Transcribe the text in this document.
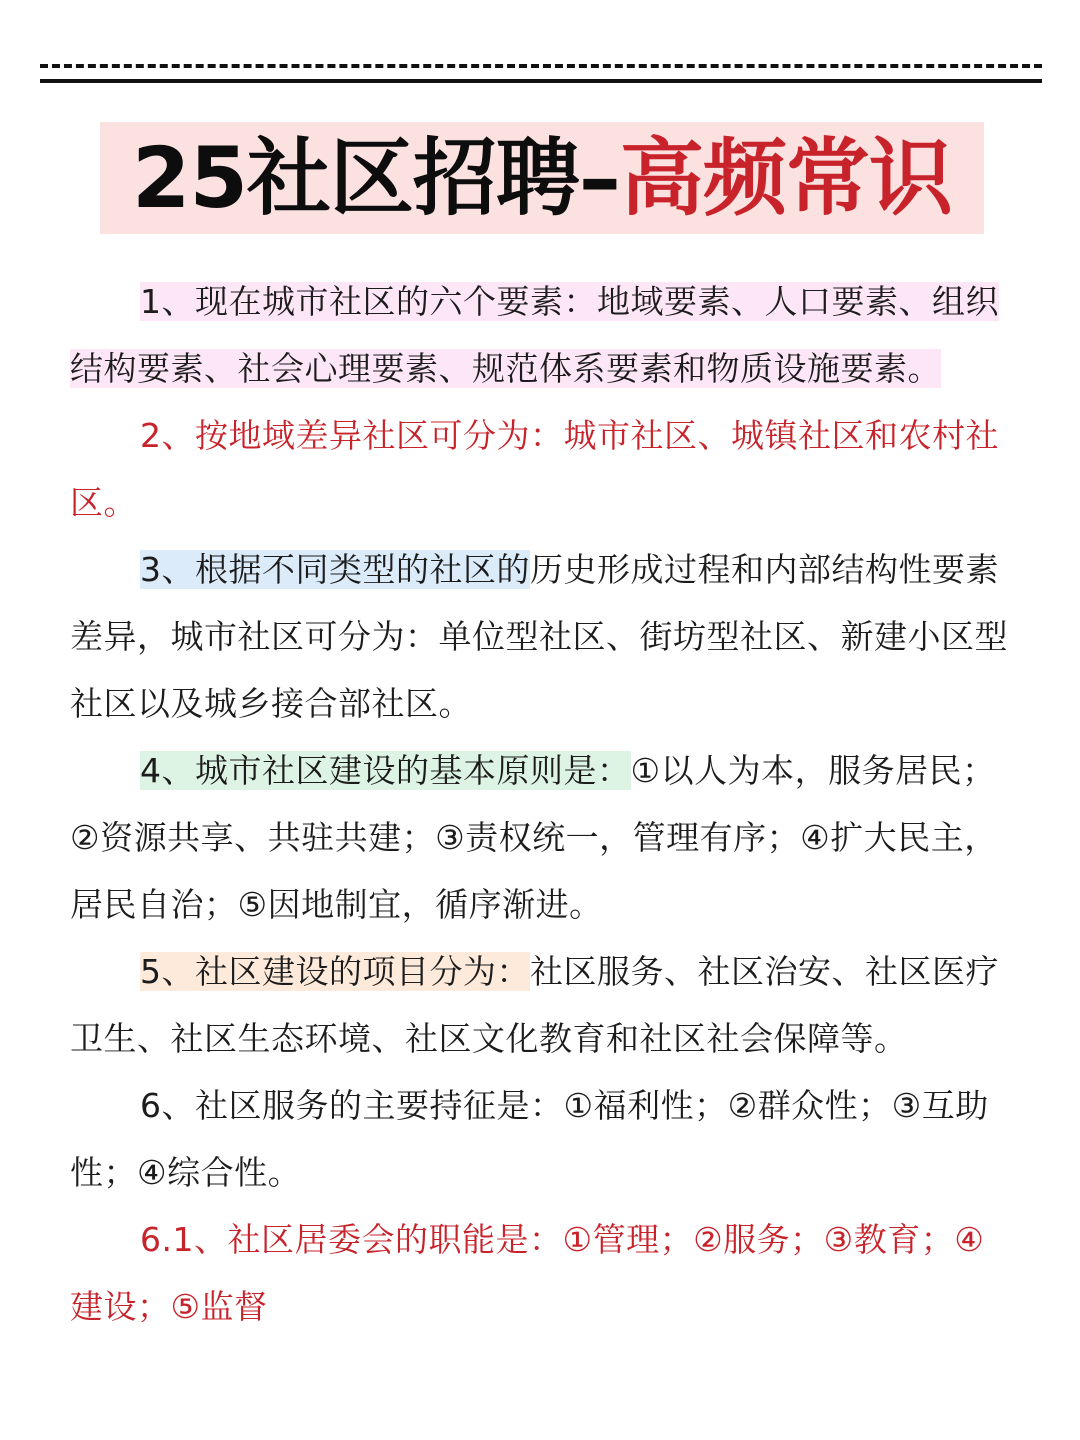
25社区招聘– 高频常识

1、现在城市社区的六个要素：地域要素、人口要素、组织结构要素、社会心理要素、规范体系要素和物质设施要素。

2、按地域差异社区可分为：城市社区、城镇社区和农村社区。

3、根据不同类型的社区的历史形成过程和内部结构性要素差异，城市社区可分为：单位型社区、街坊型社区、新建小区型社区以及城乡接合部社区。

4、城市社区建设的基本原则是：①以人为本，服务居民；②资源共享、共驻共建；③责权统一，管理有序；④扩大民主，居民自治；⑤因地制宜，循序渐进。

5、社区建设的项目分为：社区服务、社区治安、社区医疗卫生、社区生态环境、社区文化教育和社区社会保障等。

6、社区服务的主要持征是：①福利性；②群众性；③互助性；④综合性。

6.1、社区居委会的职能是：①管理；②服务；③教育；④建设；⑤监督
